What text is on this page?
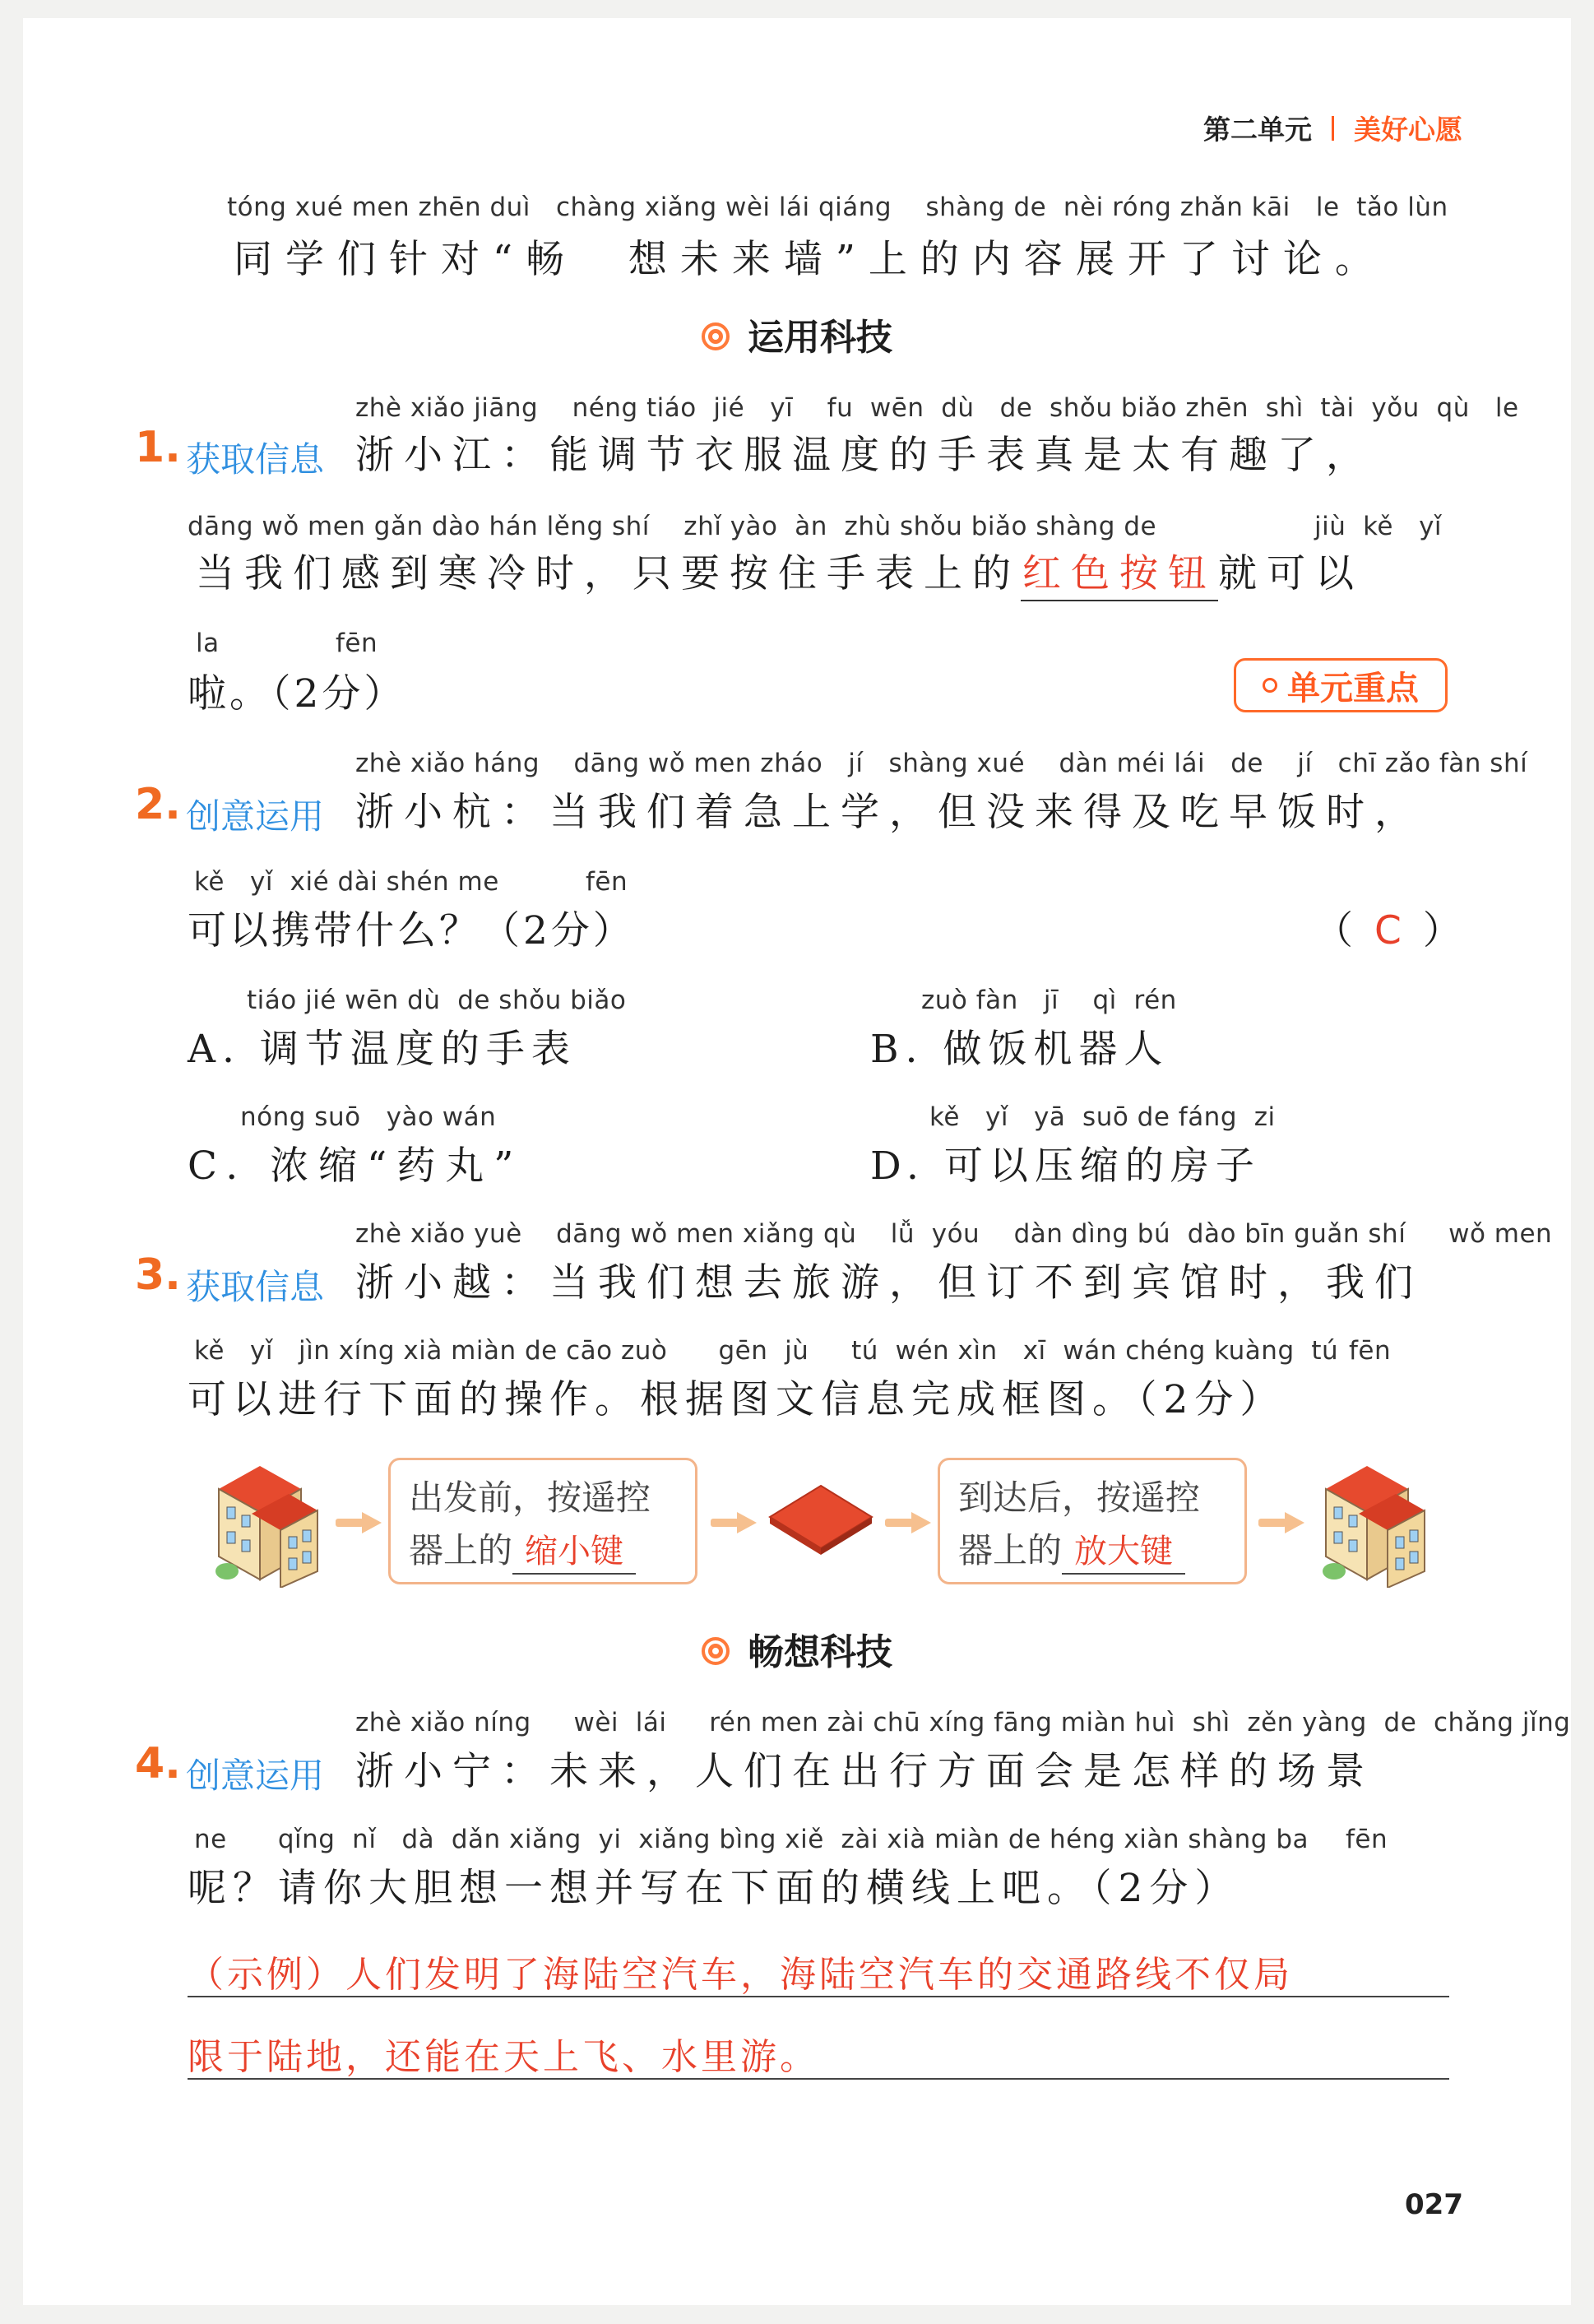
第二单元 美好心愿
tóng xué men zhēn duì   chàng xiǎng wèi lái qiáng    shàng de  nèi róng zhǎn kāi   le  tǎo lùn
同学们针对“畅  想未来墙”上的内容展开了讨论。
运用科技
zhè xiǎo jiāng    néng tiáo  jié   yī    fu  wēn  dù   de  shǒu biǎo zhēn  shì  tài  yǒu  qù   le
1. 获取信息 浙小江：能调节衣服温度的手表真是太有趣了，
dāng wǒ men gǎn dào hán lěng shí    zhǐ yào  àn  zhù shǒu biǎo shàng de	jiù  kě   yǐ
当我们感到寒冷时，只要按住手表上的红色按钮就可以
la	fēn
啦。（2分）	单元重点
zhè xiǎo háng    dāng wǒ men zháo   jí   shàng xué    dàn méi lái   de    jí   chī zǎo fàn shí
2. 创意运用 浙小杭：当我们着急上学，但没来得及吃早饭时，
kě   yǐ  xié dài shén me	fēn
可以携带什么？（2分）	（ C ）
tiáo jié wēn dù  de shǒu biǎo
A. 调节温度的手表
zuò fàn   jī    qì  rén
B. 做饭机器人
nóng suō   yào wán
C. 浓缩“药丸”
kě   yǐ   yā  suō de fáng  zi
D. 可以压缩的房子
zhè xiǎo yuè    dāng wǒ men xiǎng qù    lǚ  yóu    dàn dìng bú  dào bīn guǎn shí     wǒ men
3. 获取信息 浙小越：当我们想去旅游，但订不到宾馆时，我们
kě   yǐ   jìn xíng xià miàn de cāo zuò      gēn  jù     tú  wén xìn   xī  wán chéng kuàng  tú fēn
可以进行下面的操作。根据图文信息完成框图。（2分）
出发前，按遥控
器上的 缩小键
到达后，按遥控
器上的 放大键
畅想科技
zhè xiǎo níng     wèi  lái     rén men zài chū xíng fāng miàn huì  shì  zěn yàng  de  chǎng jǐng
4. 创意运用 浙小宁：未来，人们在出行方面会是怎样的场景
ne      qǐng  nǐ   dà  dǎn xiǎng  yi  xiǎng bìng xiě  zài xià miàn de héng xiàn shàng ba fēn
呢？请你大胆想一想并写在下面的横线上吧。（2分）
（示例）人们发明了海陆空汽车，海陆空汽车的交通路线不仅局
限于陆地，还能在天上飞、水里游。
027
